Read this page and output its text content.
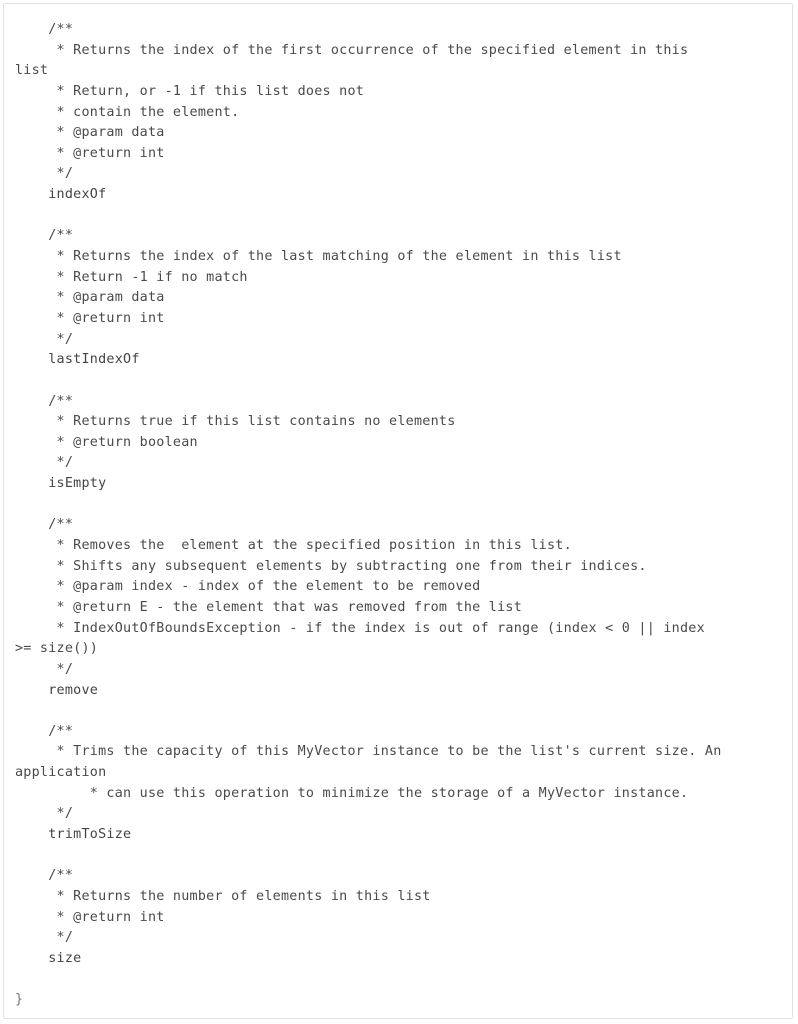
/**
* Returns the index of the first occurrence of the specified element in this
list
* Return, or -1 if this list does not
* contain the element.
* @param data
* @return int
*/
indexOf
/**
* Returns the index of the last matching of the element in this list
* Return -1 if no match
* @param data
* @return int
*/
lastIndexOf
/**
* Returns true if this list contains no elements
* @return boolean
*/
isEmpty
/**
* Removes the  element at the specified position in this list.
* Shifts any subsequent elements by subtracting one from their indices.
* @param index - index of the element to be removed
* @return E - the element that was removed from the list
* IndexOutOfBoundsException - if the index is out of range (index < 0 || index
>= size())
*/
remove
/**
* Trims the capacity of this MyVector instance to be the list's current size. An
application
* can use this operation to minimize the storage of a MyVector instance.
*/
trimToSize
/**
* Returns the number of elements in this list
* @return int
*/
size
}
